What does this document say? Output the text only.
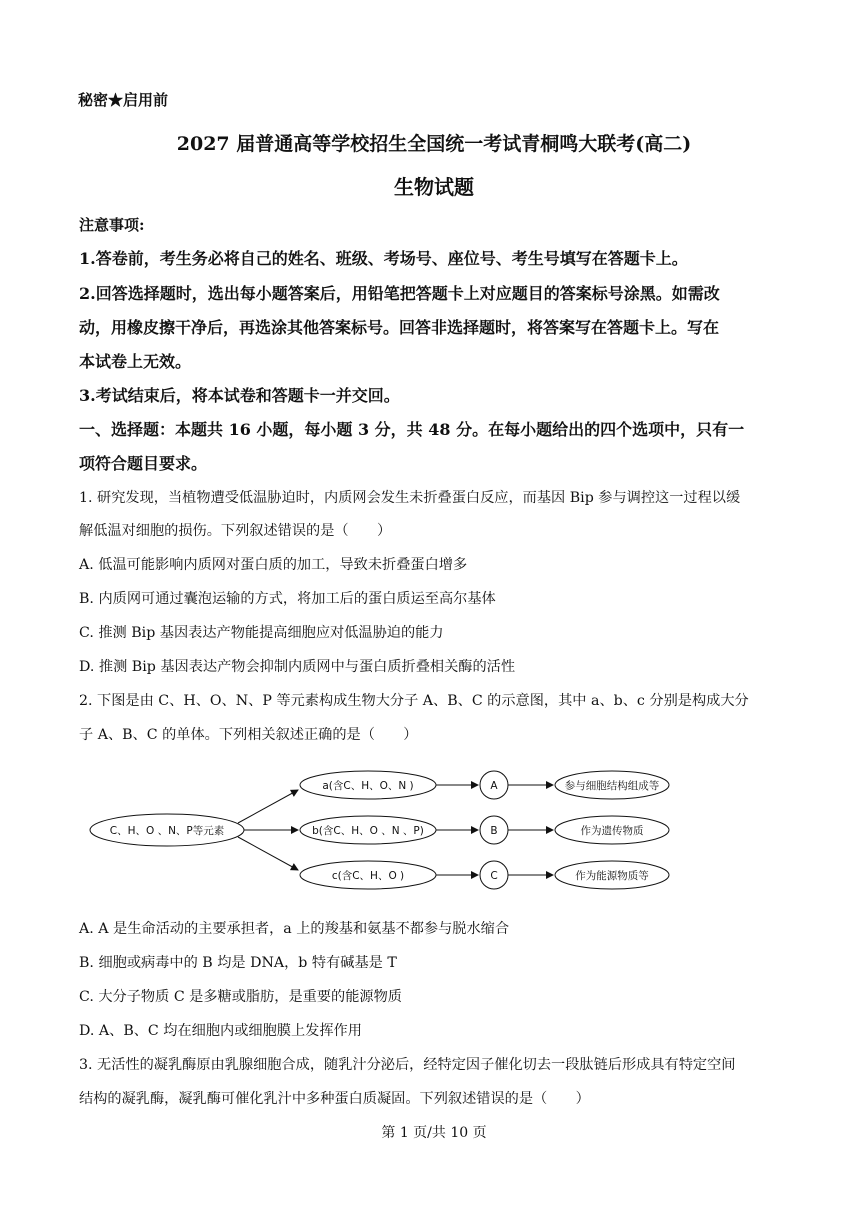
秘密★启用前
2027 届普通高等学校招生全国统一考试青桐鸣大联考(高二)
生物试题
注意事项:
1.答卷前，考生务必将自己的姓名、班级、考场号、座位号、考生号填写在答题卡上。
2.回答选择题时，选出每小题答案后，用铅笔把答题卡上对应题目的答案标号涂黑。如需改
动，用橡皮擦干净后，再选涂其他答案标号。回答非选择题时，将答案写在答题卡上。写在
本试卷上无效。
3.考试结束后，将本试卷和答题卡一并交回。
一、选择题：本题共 16 小题，每小题 3 分，共 48 分。在每小题给出的四个选项中，只有一
项符合题目要求。
1. 研究发现，当植物遭受低温胁迫时，内质网会发生未折叠蛋白反应，而基因 Bip 参与调控这一过程以缓
解低温对细胞的损伤。下列叙述错误的是（　　）
A. 低温可能影响内质网对蛋白质的加工，导致未折叠蛋白增多
B. 内质网可通过囊泡运输的方式，将加工后的蛋白质运至高尔基体
C. 推测 Bip 基因表达产物能提高细胞应对低温胁迫的能力
D. 推测 Bip 基因表达产物会抑制内质网中与蛋白质折叠相关酶的活性
2. 下图是由 C、H、O、N、P 等元素构成生物大分子 A、B、C 的示意图，其中 a、b、c 分别是构成大分
子 A、B、C 的单体。下列相关叙述正确的是（　　）
C、H、O 、N、P等元素
a(含C、H、O、N )
b(含C、H、O 、N 、P)
c(含C、H、O )
A
B
C
参与细胞结构组成等
作为遗传物质
作为能源物质等
A. A 是生命活动的主要承担者，a 上的羧基和氨基不都参与脱水缩合
B. 细胞或病毒中的 B 均是 DNA，b 特有碱基是 T
C. 大分子物质 C 是多糖或脂肪，是重要的能源物质
D. A、B、C 均在细胞内或细胞膜上发挥作用
3. 无活性的凝乳酶原由乳腺细胞合成，随乳汁分泌后，经特定因子催化切去一段肽链后形成具有特定空间
结构的凝乳酶，凝乳酶可催化乳汁中多种蛋白质凝固。下列叙述错误的是（　　）
第 1 页/共 10 页
